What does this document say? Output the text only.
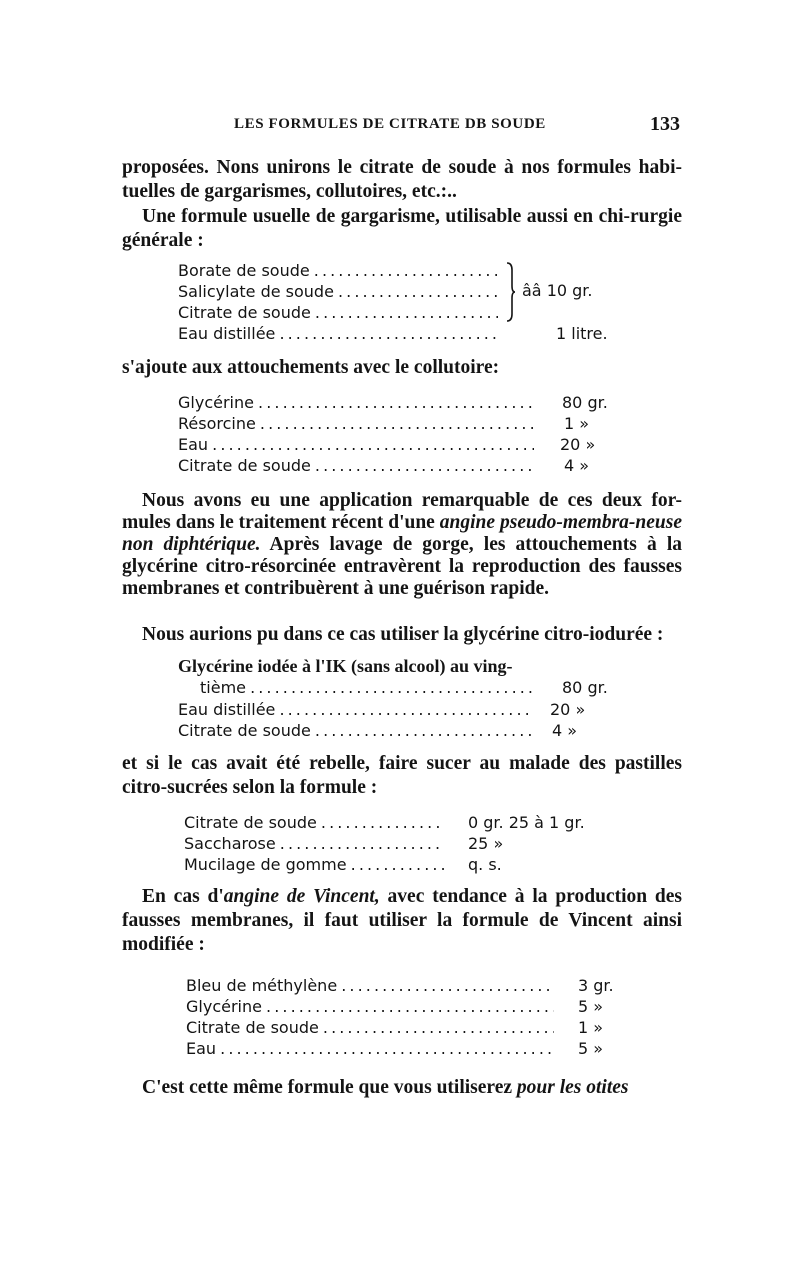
LES FORMULES DE CITRATE DB SOUDE	133

proposées. Nons unirons le citrate de soude à nos formules habi-tuelles de gargarismes, collutoires, etc.:..

Une formule usuelle de gargarisme, utilisable aussi en chi-rurgie générale :

Borate de soude . . .
Salicylate de soude . . .
Citrate de soude . . .
Eau distillée . . .	1 litre.
ââ 10 gr.

s'ajoute aux attouchements avec le collutoire:

Glycérine . . .	80 gr.
Résorcine . . .	1 »
Eau . . .	20 »
Citrate de soude . . .	4 »

Nous avons eu une application remarquable de ces deux for-mules dans le traitement récent d'une angine pseudo-membra-neuse non diphtérique. Après lavage de gorge, les attouchements à la glycérine citro-résorcinée entravèrent la reproduction des fausses membranes et contribuèrent à une guérison rapide.

Nous aurions pu dans ce cas utiliser la glycérine citro-iodurée :

Glycérine iodée à l'IK (sans alcool) au ving-
tième . . .	80 gr.
Eau distillée . . .	20 »
Citrate de soude . . .	4 »

et si le cas avait été rebelle, faire sucer au malade des pastilles citro-sucrées selon la formule :

Citrate de soude . . .	0 gr. 25 à 1 gr.
Saccharose . . .	25 »
Mucilage de gomme . . .	q. s.

En cas d'angine de Vincent, avec tendance à la production des fausses membranes, il faut utiliser la formule de Vincent ainsi modifiée :

Bleu de méthylène . . .	3 gr.
Glycérine . . .	5 »
Citrate de soude . . .	1 »
Eau . . .	5 »

C'est cette même formule que vous utiliserez pour les otites
